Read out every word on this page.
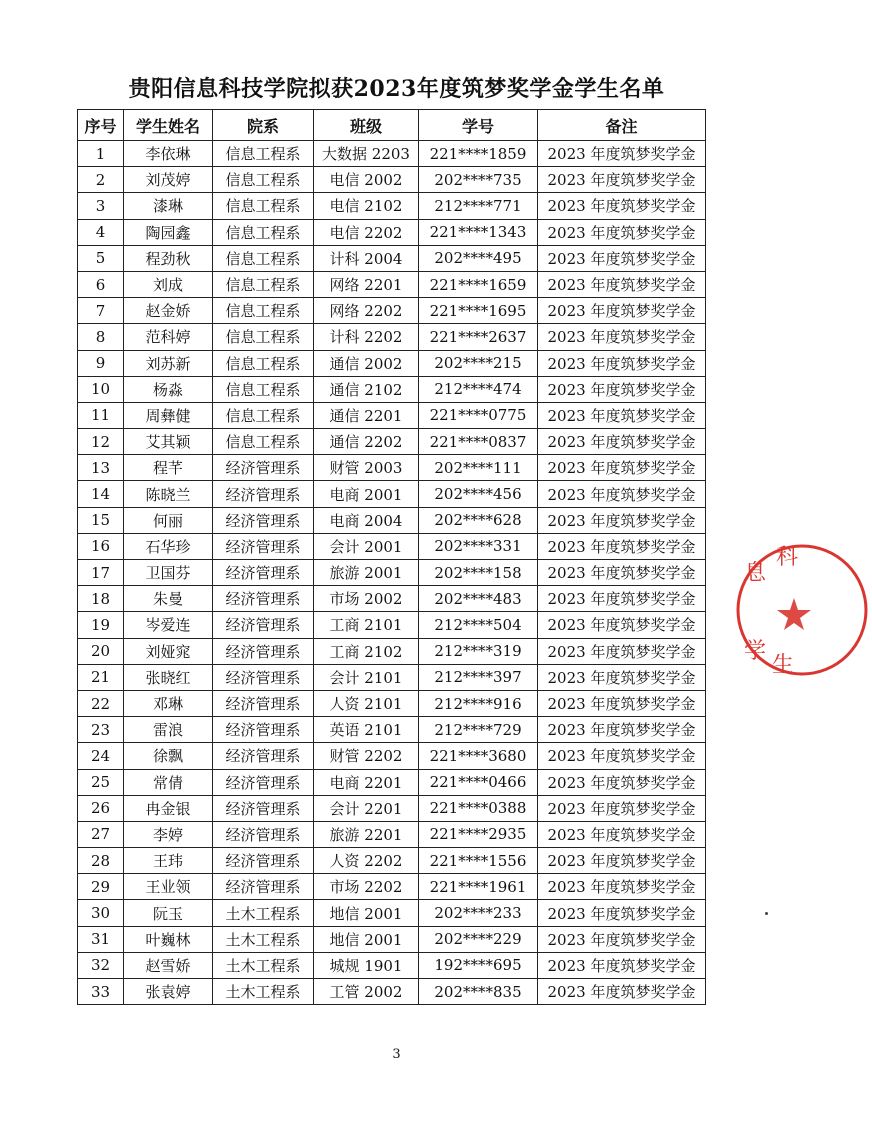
贵阳信息科技学院拟获2023年度筑梦奖学金学生名单
序号	学生姓名	院系	班级	学号	备注
1	李依琳	信息工程系	大数据 2203	221****1859	2023 年度筑梦奖学金
2	刘茂婷	信息工程系	电信 2002	202****735	2023 年度筑梦奖学金
3	漆琳	信息工程系	电信 2102	212****771	2023 年度筑梦奖学金
4	陶园鑫	信息工程系	电信 2202	221****1343	2023 年度筑梦奖学金
5	程劲秋	信息工程系	计科 2004	202****495	2023 年度筑梦奖学金
6	刘成	信息工程系	网络 2201	221****1659	2023 年度筑梦奖学金
7	赵金娇	信息工程系	网络 2202	221****1695	2023 年度筑梦奖学金
8	范科婷	信息工程系	计科 2202	221****2637	2023 年度筑梦奖学金
9	刘苏新	信息工程系	通信 2002	202****215	2023 年度筑梦奖学金
10	杨淼	信息工程系	通信 2102	212****474	2023 年度筑梦奖学金
11	周彝健	信息工程系	通信 2201	221****0775	2023 年度筑梦奖学金
12	艾其颖	信息工程系	通信 2202	221****0837	2023 年度筑梦奖学金
13	程芊	经济管理系	财管 2003	202****111	2023 年度筑梦奖学金
14	陈晓兰	经济管理系	电商 2001	202****456	2023 年度筑梦奖学金
15	何丽	经济管理系	电商 2004	202****628	2023 年度筑梦奖学金
16	石华珍	经济管理系	会计 2001	202****331	2023 年度筑梦奖学金
17	卫国芬	经济管理系	旅游 2001	202****158	2023 年度筑梦奖学金
18	朱曼	经济管理系	市场 2002	202****483	2023 年度筑梦奖学金
19	岑爱连	经济管理系	工商 2101	212****504	2023 年度筑梦奖学金
20	刘娅窕	经济管理系	工商 2102	212****319	2023 年度筑梦奖学金
21	张晓红	经济管理系	会计 2101	212****397	2023 年度筑梦奖学金
22	邓琳	经济管理系	人资 2101	212****916	2023 年度筑梦奖学金
23	雷浪	经济管理系	英语 2101	212****729	2023 年度筑梦奖学金
24	徐飘	经济管理系	财管 2202	221****3680	2023 年度筑梦奖学金
25	常倩	经济管理系	电商 2201	221****0466	2023 年度筑梦奖学金
26	冉金银	经济管理系	会计 2201	221****0388	2023 年度筑梦奖学金
27	李婷	经济管理系	旅游 2201	221****2935	2023 年度筑梦奖学金
28	王玮	经济管理系	人资 2202	221****1556	2023 年度筑梦奖学金
29	王业领	经济管理系	市场 2202	221****1961	2023 年度筑梦奖学金
30	阮玉	土木工程系	地信 2001	202****233	2023 年度筑梦奖学金
31	叶巍林	土木工程系	地信 2001	202****229	2023 年度筑梦奖学金
32	赵雪娇	土木工程系	城规 1901	192****695	2023 年度筑梦奖学金
33	张袁婷	土木工程系	工管 2002	202****835	2023 年度筑梦奖学金
3
息
科
学
生
